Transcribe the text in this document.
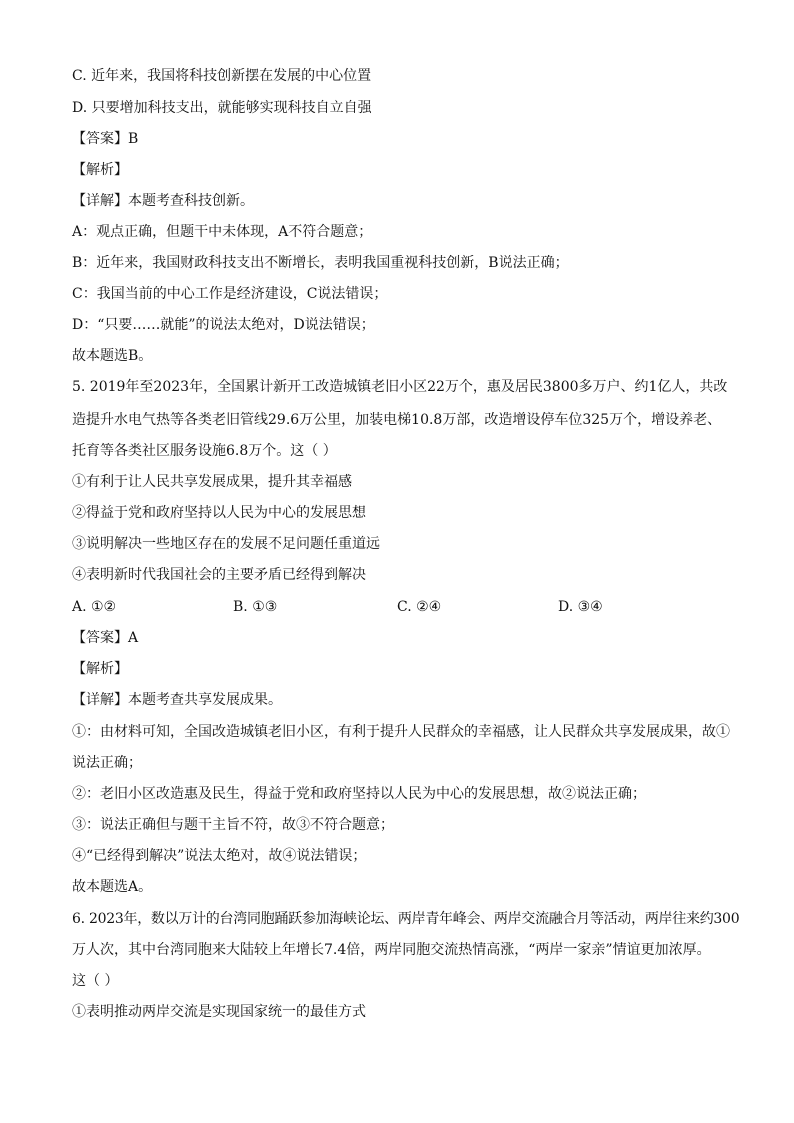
C. 近年来，我国将科技创新摆在发展的中心位置
D. 只要增加科技支出，就能够实现科技自立自强
【答案】B
【解析】
【详解】本题考查科技创新。
A：观点正确，但题干中未体现，A不符合题意；
B：近年来，我国财政科技支出不断增长，表明我国重视科技创新，B说法正确；
C：我国当前的中心工作是经济建设，C说法错误；
D：“只要……就能”的说法太绝对，D说法错误；
故本题选B。
5. 2019年至2023年，全国累计新开工改造城镇老旧小区22万个，惠及居民3800多万户、约1亿人，共改
造提升水电气热等各类老旧管线29.6万公里，加装电梯10.8万部，改造增设停车位325万个，增设养老、
托育等各类社区服务设施6.8万个。这（ ）
①有利于让人民共享发展成果，提升其幸福感
②得益于党和政府坚持以人民为中心的发展思想
③说明解决一些地区存在的发展不足问题任重道远
④表明新时代我国社会的主要矛盾已经得到解决
A. ①②	B. ①③	C. ②④	D. ③④
【答案】A
【解析】
【详解】本题考查共享发展成果。
①：由材料可知，全国改造城镇老旧小区，有利于提升人民群众的幸福感，让人民群众共享发展成果，故①
说法正确；
②：老旧小区改造惠及民生，得益于党和政府坚持以人民为中心的发展思想，故②说法正确；
③：说法正确但与题干主旨不符，故③不符合题意；
④“已经得到解决”说法太绝对，故④说法错误；
故本题选A。
6. 2023年，数以万计的台湾同胞踊跃参加海峡论坛、两岸青年峰会、两岸交流融合月等活动，两岸往来约300
万人次，其中台湾同胞来大陆较上年增长7.4倍，两岸同胞交流热情高涨，“两岸一家亲”情谊更加浓厚。
这（ ）
①表明推动两岸交流是实现国家统一的最佳方式
